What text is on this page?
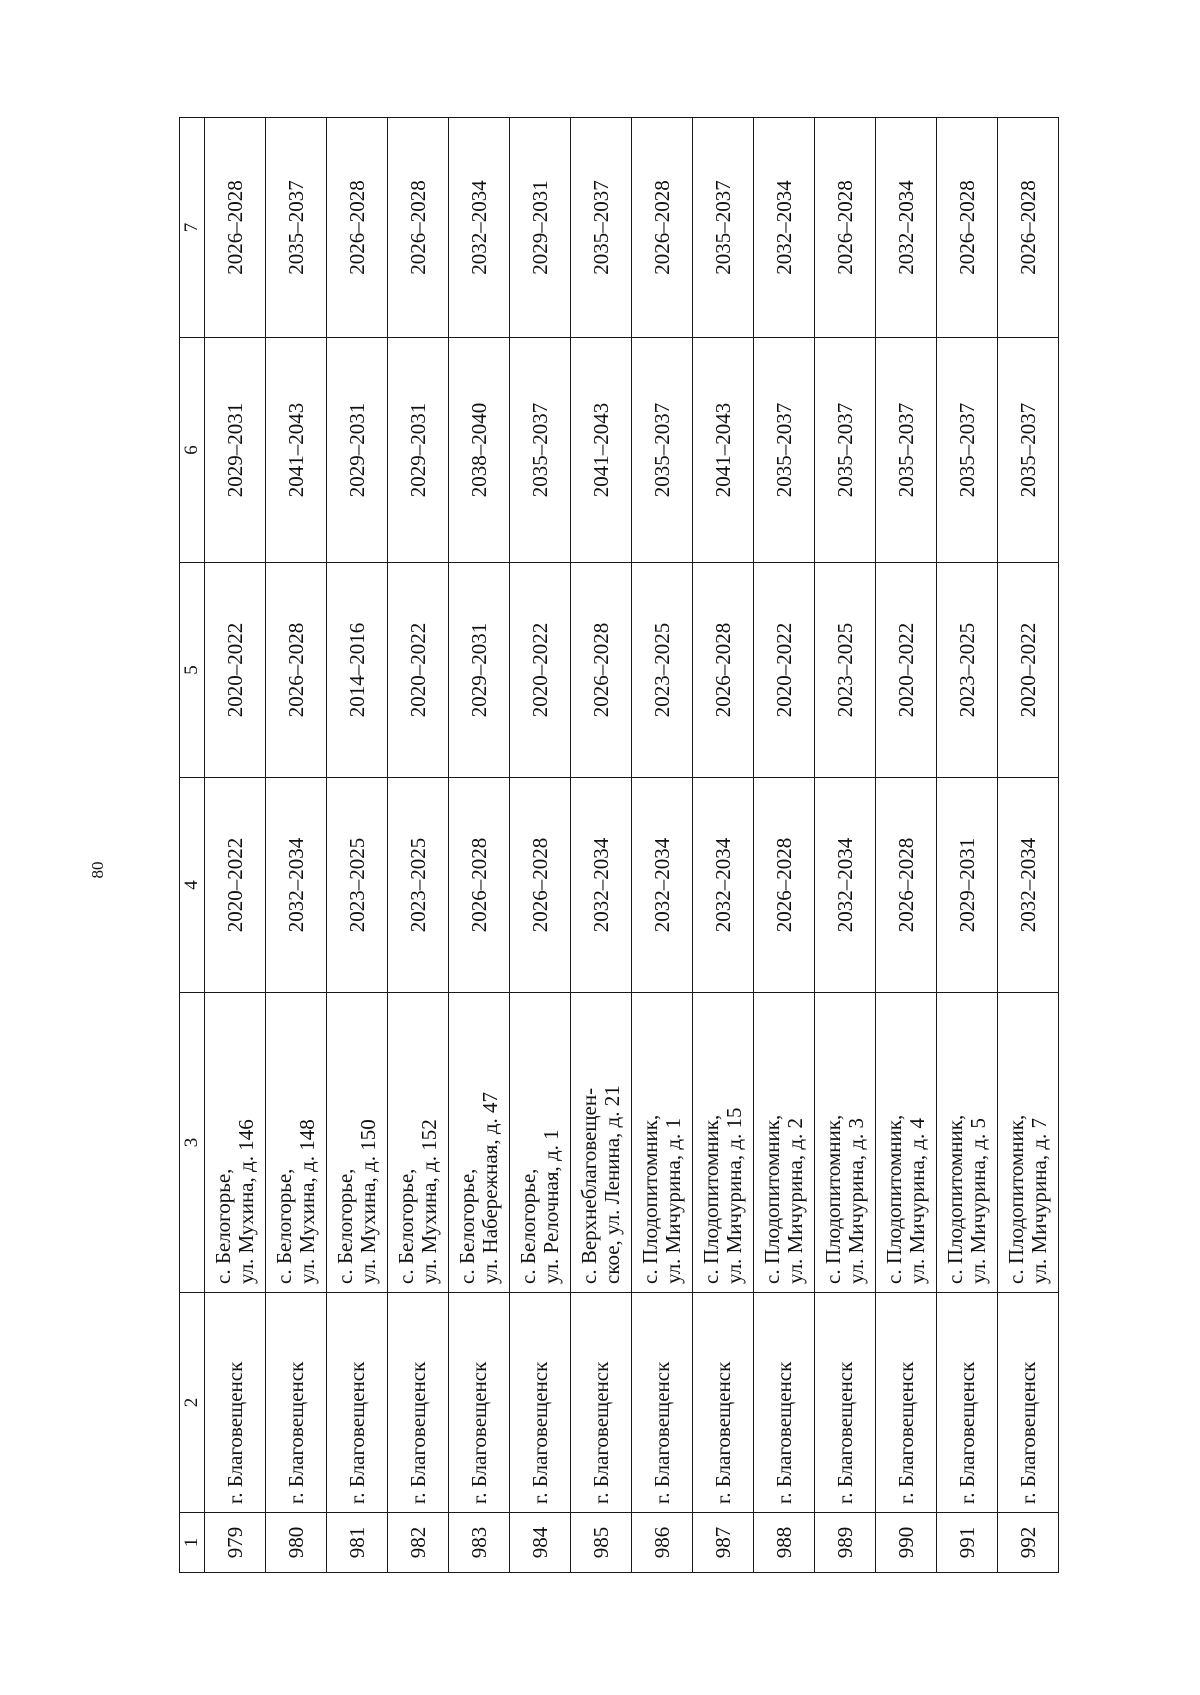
80
1	2	3	4	5	6	7
979	г. Благовещенск	с. Белогорье, ул. Мухина, д. 146	2020–2022	2020–2022	2029–2031	2026–2028
980	г. Благовещенск	с. Белогорье, ул. Мухина, д. 148	2032–2034	2026–2028	2041–2043	2035–2037
981	г. Благовещенск	с. Белогорье, ул. Мухина, д. 150	2023–2025	2014–2016	2029–2031	2026–2028
982	г. Благовещенск	с. Белогорье, ул. Мухина, д. 152	2023–2025	2020–2022	2029–2031	2026–2028
983	г. Благовещенск	с. Белогорье, ул. Набережная, д. 47	2026–2028	2029–2031	2038–2040	2032–2034
984	г. Благовещенск	с. Белогорье, ул. Релочная, д. 1	2026–2028	2020–2022	2035–2037	2029–2031
985	г. Благовещенск	с. Верхнеблаговещен- ское, ул. Ленина, д. 21	2032–2034	2026–2028	2041–2043	2035–2037
986	г. Благовещенск	с. Плодопитомник, ул. Мичурина, д. 1	2032–2034	2023–2025	2035–2037	2026–2028
987	г. Благовещенск	с. Плодопитомник, ул. Мичурина, д. 15	2032–2034	2026–2028	2041–2043	2035–2037
988	г. Благовещенск	с. Плодопитомник, ул. Мичурина, д. 2	2026–2028	2020–2022	2035–2037	2032–2034
989	г. Благовещенск	с. Плодопитомник, ул. Мичурина, д. 3	2032–2034	2023–2025	2035–2037	2026–2028
990	г. Благовещенск	с. Плодопитомник, ул. Мичурина, д. 4	2026–2028	2020–2022	2035–2037	2032–2034
991	г. Благовещенск	с. Плодопитомник, ул. Мичурина, д. 5	2029–2031	2023–2025	2035–2037	2026–2028
992	г. Благовещенск	с. Плодопитомник, ул. Мичурина, д. 7	2032–2034	2020–2022	2035–2037	2026–2028
